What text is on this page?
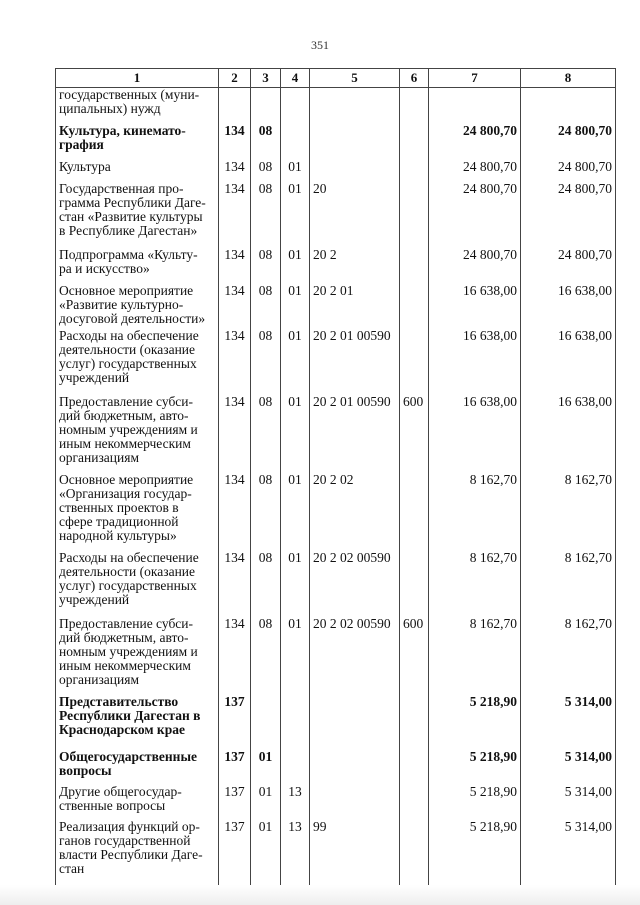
351
1	2	3	4	5	6	7	8
государственных (муни-
ципальных) нужд							
Культура, кинемато-
графия	134	08				24 800,70	24 800,70
Культура	134	08	01			24 800,70	24 800,70
Государственная про-
грамма Республики Даге-
стан «Развитие культуры
в Республике Дагестан»	134	08	01	20		24 800,70	24 800,70
Подпрограмма «Культу-
ра и искусство»	134	08	01	20 2		24 800,70	24 800,70
Основное мероприятие
«Развитие культурно-
досуговой деятельности»	134	08	01	20 2 01		16 638,00	16 638,00
Расходы на обеспечение
деятельности (оказание
услуг) государственных
учреждений	134	08	01	20 2 01 00590		16 638,00	16 638,00
Предоставление субси-
дий бюджетным, авто-
номным учреждениям и
иным некоммерческим
организациям	134	08	01	20 2 01 00590	600	16 638,00	16 638,00
Основное мероприятие
«Организация государ-
ственных проектов в
сфере традиционной
народной культуры»	134	08	01	20 2 02		8 162,70	8 162,70
Расходы на обеспечение
деятельности (оказание
услуг) государственных
учреждений	134	08	01	20 2 02 00590		8 162,70	8 162,70
Предоставление субси-
дий бюджетным, авто-
номным учреждениям и
иным некоммерческим
организациям	134	08	01	20 2 02 00590	600	8 162,70	8 162,70
Представительство
Республики Дагестан в
Краснодарском крае	137					5 218,90	5 314,00
Общегосударственные
вопросы	137	01				5 218,90	5 314,00
Другие общегосудар-
ственные вопросы	137	01	13			5 218,90	5 314,00
Реализация функций ор-
ганов государственной
власти Республики Даге-
стан	137	01	13	99		5 218,90	5 314,00
